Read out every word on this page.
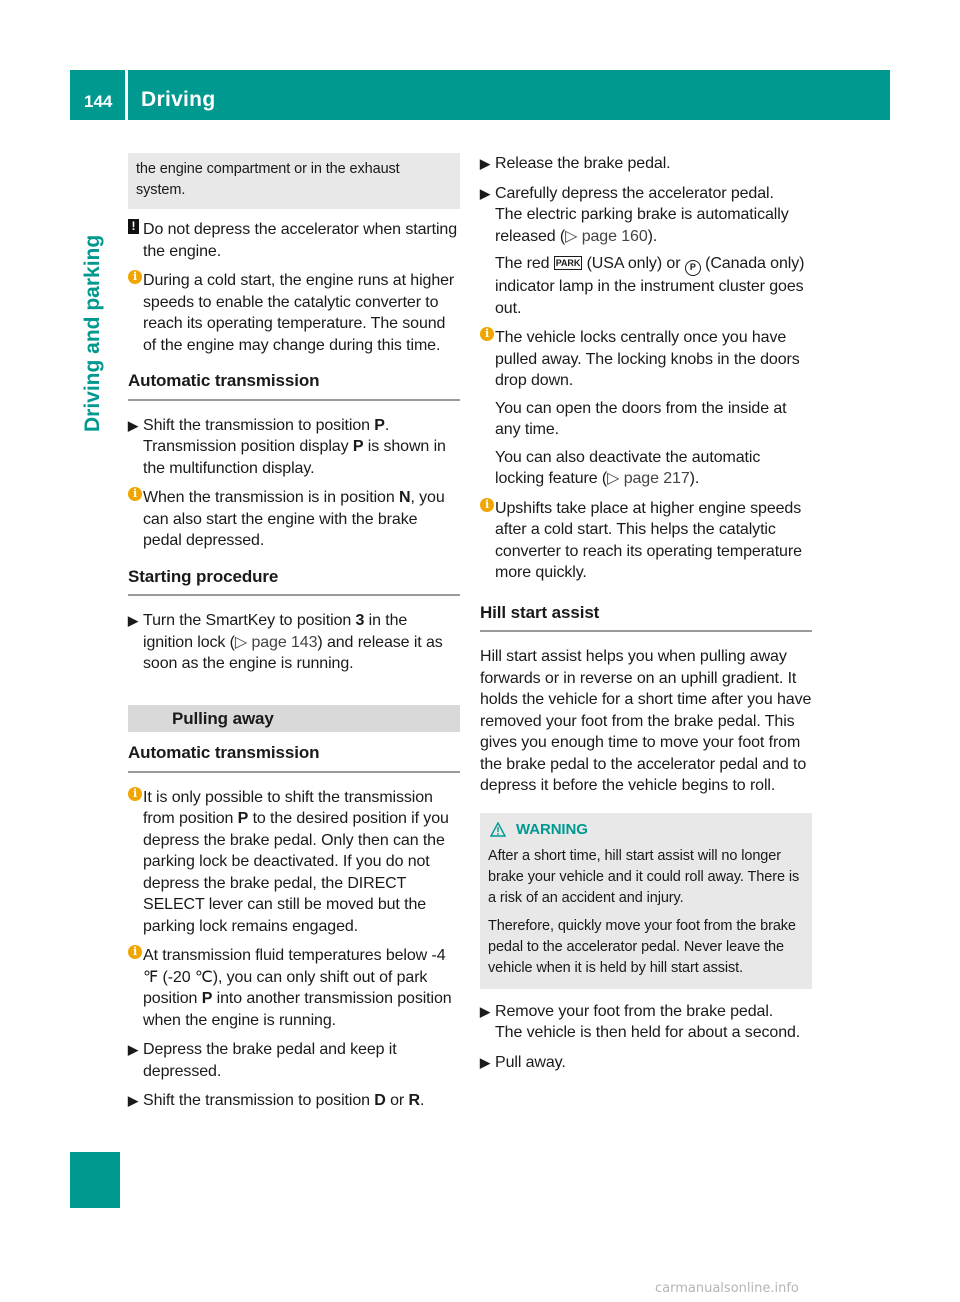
144 Driving
Driving and parking
the engine compartment or in the exhaust system.
! Do not depress the accelerator when starting the engine.
i During a cold start, the engine runs at higher speeds to enable the catalytic converter to reach its operating temperature. The sound of the engine may change during this time.
Automatic transmission
▶ Shift the transmission to position P.
Transmission position display P is shown in the multifunction display.
i When the transmission is in position N, you can also start the engine with the brake pedal depressed.
Starting procedure
▶ Turn the SmartKey to position 3 in the ignition lock (▷ page 143) and release it as soon as the engine is running.
Pulling away
Automatic transmission
i It is only possible to shift the transmission from position P to the desired position if you depress the brake pedal. Only then can the parking lock be deactivated. If you do not depress the brake pedal, the DIRECT SELECT lever can still be moved but the parking lock remains engaged.
i At transmission fluid temperatures below -4 ℉ (-20 ℃), you can only shift out of park position P into another transmission position when the engine is running.
▶ Depress the brake pedal and keep it depressed.
▶ Shift the transmission to position D or R.
▶ Release the brake pedal.
▶ Carefully depress the accelerator pedal.
The electric parking brake is automatically released (▷ page 160).
The red PARK (USA only) or P (Canada only) indicator lamp in the instrument cluster goes out.
i The vehicle locks centrally once you have pulled away. The locking knobs in the doors drop down.
You can open the doors from the inside at any time.
You can also deactivate the automatic locking feature (▷ page 217).
i Upshifts take place at higher engine speeds after a cold start. This helps the catalytic converter to reach its operating temperature more quickly.
Hill start assist
Hill start assist helps you when pulling away forwards or in reverse on an uphill gradient. It holds the vehicle for a short time after you have removed your foot from the brake pedal. This gives you enough time to move your foot from the brake pedal to the accelerator pedal and to depress it before the vehicle begins to roll.
WARNING

After a short time, hill start assist will no longer brake your vehicle and it could roll away. There is a risk of an accident and injury.

Therefore, quickly move your foot from the brake pedal to the accelerator pedal. Never leave the vehicle when it is held by hill start assist.

▶ Remove your foot from the brake pedal.
The vehicle is then held for about a second.
▶ Pull away.
carmanualsonline.info
